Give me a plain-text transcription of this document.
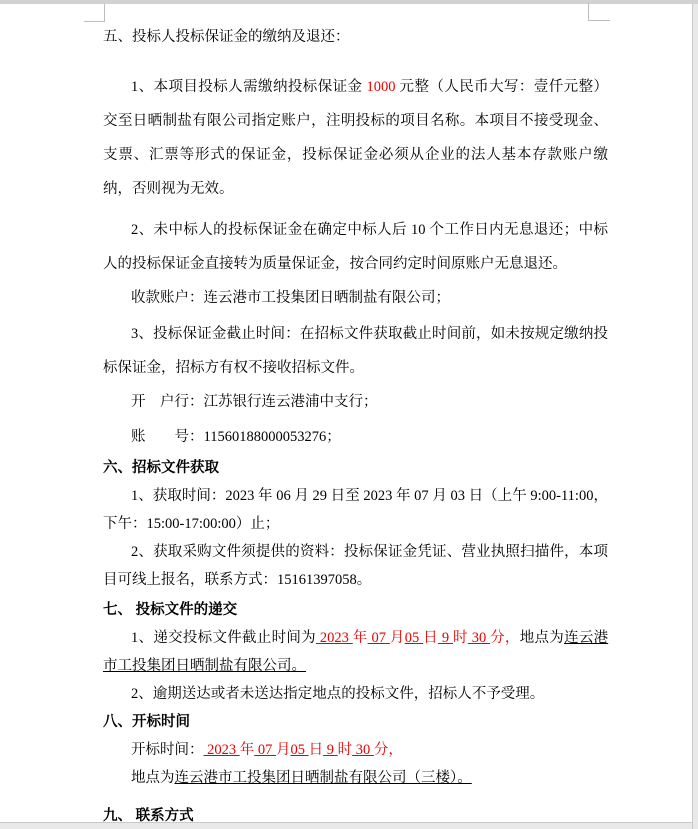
五、投标人投标保证金的缴纳及退还：

1、本项目投标人需缴纳投标保证金 1000 元整（人民币大写：壹仟元整）交至日晒制盐有限公司指定账户，注明投标的项目名称。本项目不接受现金、支票、汇票等形式的保证金，投标保证金必须从企业的法人基本存款账户缴纳，否则视为无效。

2、未中标人的投标保证金在确定中标人后 10 个工作日内无息退还；中标人的投标保证金直接转为质量保证金，按合同约定时间原账户无息退还。

收款账户：连云港市工投集团日晒制盐有限公司；

3、投标保证金截止时间：在招标文件获取截止时间前，如未按规定缴纳投标保证金，招标方有权不接收招标文件。

开　户行：江苏银行连云港浦中支行；

账　　号：11560188000053276；

六、招标文件获取

1、获取时间：2023 年 06 月 29 日至 2023 年 07 月 03 日（上午 9:00-11:00，下午：15:00-17:00:00）止；

2、获取采购文件须提供的资料：投标保证金凭证、营业执照扫描件，本项目可线上报名，联系方式：15161397058。

七、 投标文件的递交

1、递交投标文件截止时间为 2023 年 07 月05 日 9 时 30 分，地点为连云港市工投集团日晒制盐有限公司。

2、逾期送达或者未送达指定地点的投标文件，招标人不予受理。

八、开标时间

开标时间： 2023 年 07 月05 日 9 时 30 分，

地点为连云港市工投集团日晒制盐有限公司（三楼）。

九、 联系方式
